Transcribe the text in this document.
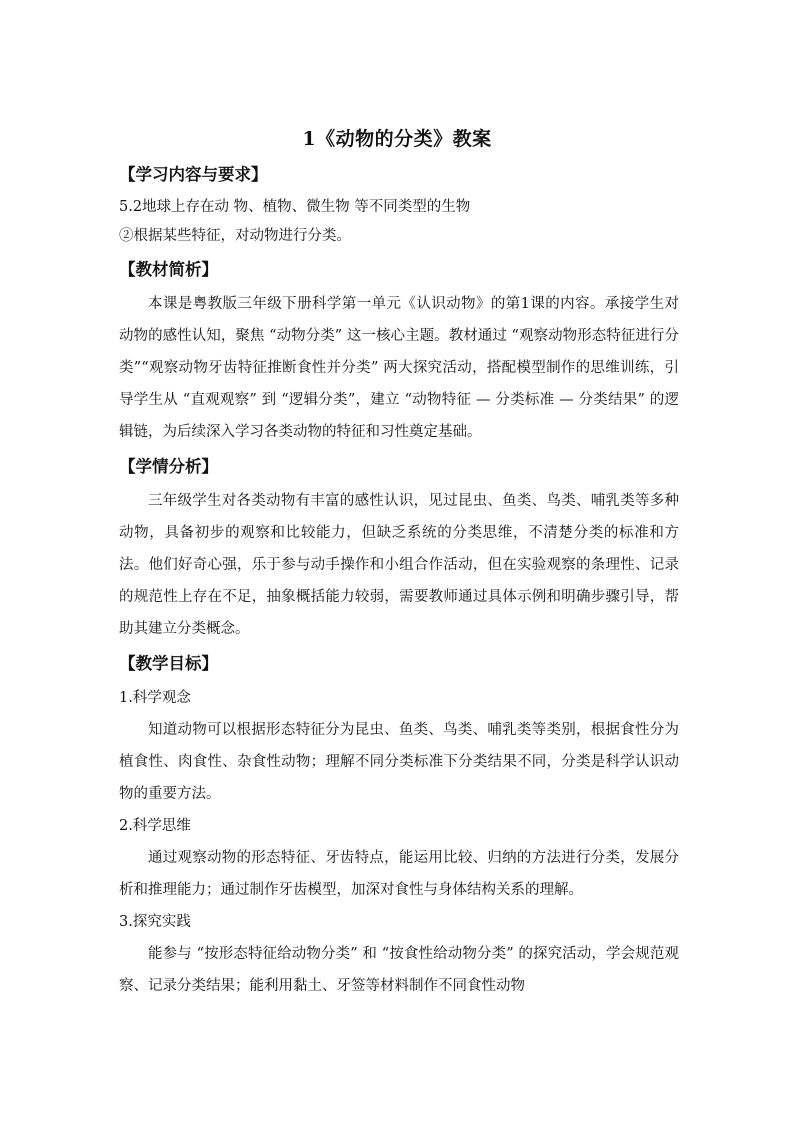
1《动物的分类》教案
【学习内容与要求】
5.2地球上存在动 物、植物、微生物 等不同类型的生物
②根据某些特征，对动物进行分类。
【教材简析】
本课是粤教版三年级下册科学第一单元《认识动物》的第1课的内容。承接学生对动物的感性认知，聚焦 “动物分类” 这一核心主题。教材通过 “观察动物形态特征进行分类”“观察动物牙齿特征推断食性并分类” 两大探究活动，搭配模型制作的思维训练，引导学生从 “直观观察” 到 “逻辑分类”，建立 “动物特征 — 分类标准 — 分类结果” 的逻辑链，为后续深入学习各类动物的特征和习性奠定基础。
【学情分析】
三年级学生对各类动物有丰富的感性认识，见过昆虫、鱼类、鸟类、哺乳类等多种动物，具备初步的观察和比较能力，但缺乏系统的分类思维，不清楚分类的标准和方法。他们好奇心强，乐于参与动手操作和小组合作活动，但在实验观察的条理性、记录的规范性上存在不足，抽象概括能力较弱，需要教师通过具体示例和明确步骤引导，帮助其建立分类概念。
【教学目标】
1.科学观念
知道动物可以根据形态特征分为昆虫、鱼类、鸟类、哺乳类等类别，根据食性分为植食性、肉食性、杂食性动物；理解不同分类标准下分类结果不同，分类是科学认识动物的重要方法。
2.科学思维
通过观察动物的形态特征、牙齿特点，能运用比较、归纳的方法进行分类，发展分析和推理能力；通过制作牙齿模型，加深对食性与身体结构关系的理解。
3.探究实践
能参与 “按形态特征给动物分类” 和 “按食性给动物分类” 的探究活动，学会规范观察、记录分类结果；能利用黏土、牙签等材料制作不同食性动物
